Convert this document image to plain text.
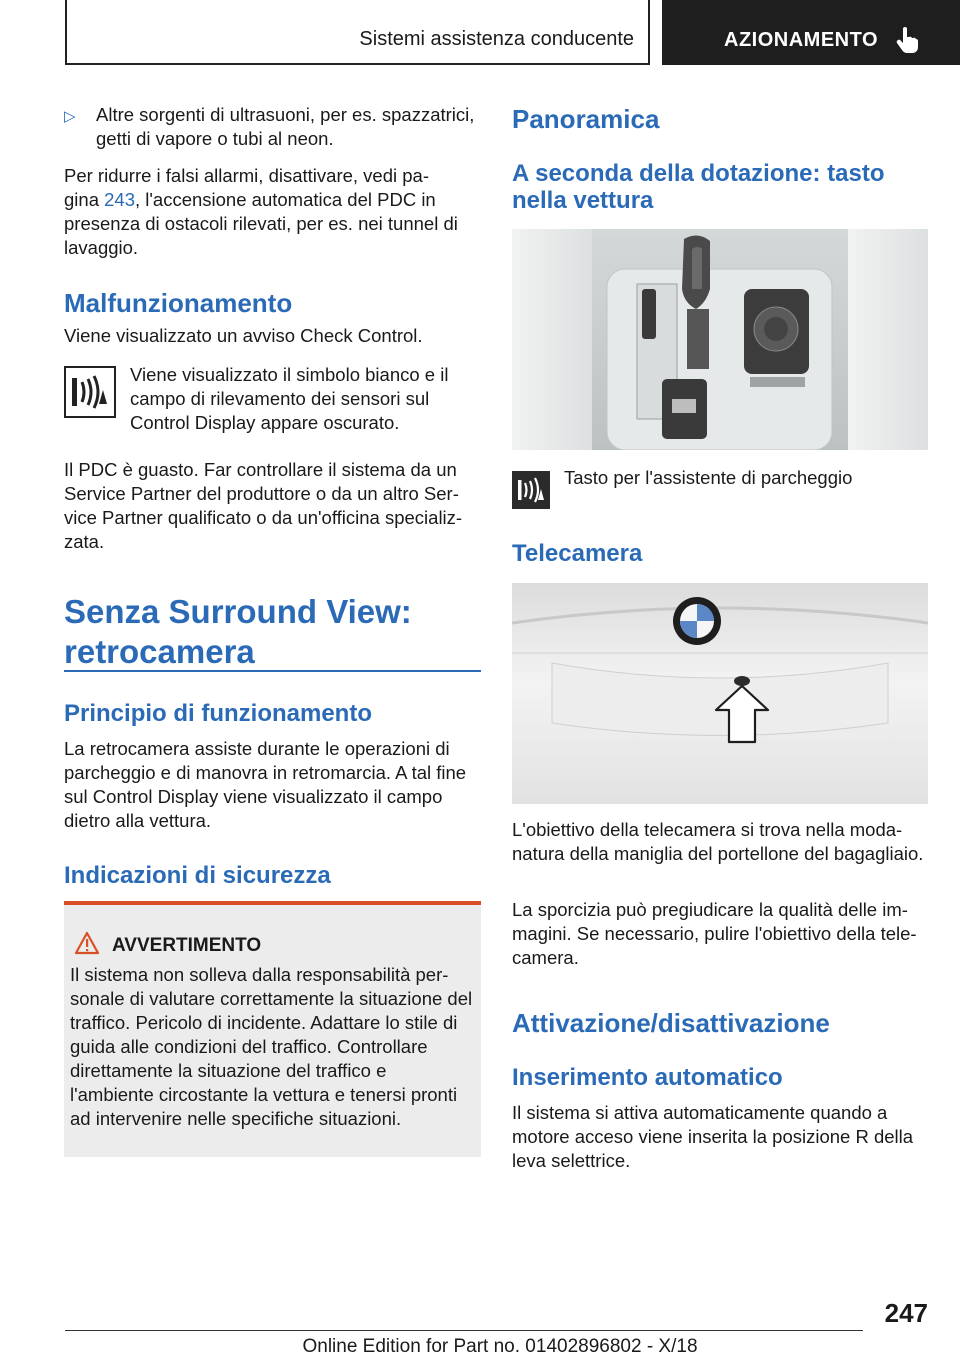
Sistemi assistenza conducente	AZIONAMENTO
▷	Altre sorgenti di ultrasuoni, per es. spazzatrici, getti di vapore o tubi al neon.

Per ridurre i falsi allarmi, disattivare, vedi pa-

gina 243, l'accensione automatica del PDC in

presenza di ostacoli rilevati, per es. nei tunnel di

lavaggio.

Malfunzionamento

Viene visualizzato un avviso Check Control.

Viene visualizzato il simbolo bianco e il campo di rilevamento dei sensori sul Control Display appare oscurato.

Il PDC è guasto. Far controllare il sistema da un Service Partner del produttore o da un altro Service Partner qualificato o da un'officina specializzata.

Senza Surround View:

retrocamera

Principio di funzionamento

La retrocamera assiste durante le operazioni di parcheggio e di manovra in retromarcia. A tal fine sul Control Display viene visualizzato il campo dietro alla vettura.

Indicazioni di sicurezza
AVVERTIMENTO

Il sistema non solleva dalla responsabilità personale di valutare correttamente la situazione del traffico. Pericolo di incidente. Adattare lo stile di guida alle condizioni del traffico. Controllare direttamente la situazione del traffico e l'ambiente circostante la vettura e tenersi pronti ad intervenire nelle specifiche situazioni.

Panoramica

A seconda della dotazione: tasto

nella vettura

Tasto per l'assistente di parcheggio

Telecamera

L'obiettivo della telecamera si trova nella modanatura della maniglia del portellone del bagagliaio.

La sporcizia può pregiudicare la qualità delle immagini. Se necessario, pulire l'obiettivo della telecamera.

Attivazione/disattivazione
Inserimento automatico

Il sistema si attiva automaticamente quando a motore acceso viene inserita la posizione R della leva selettrice.

247
Online Edition for Part no. 01402896802 - X/18
